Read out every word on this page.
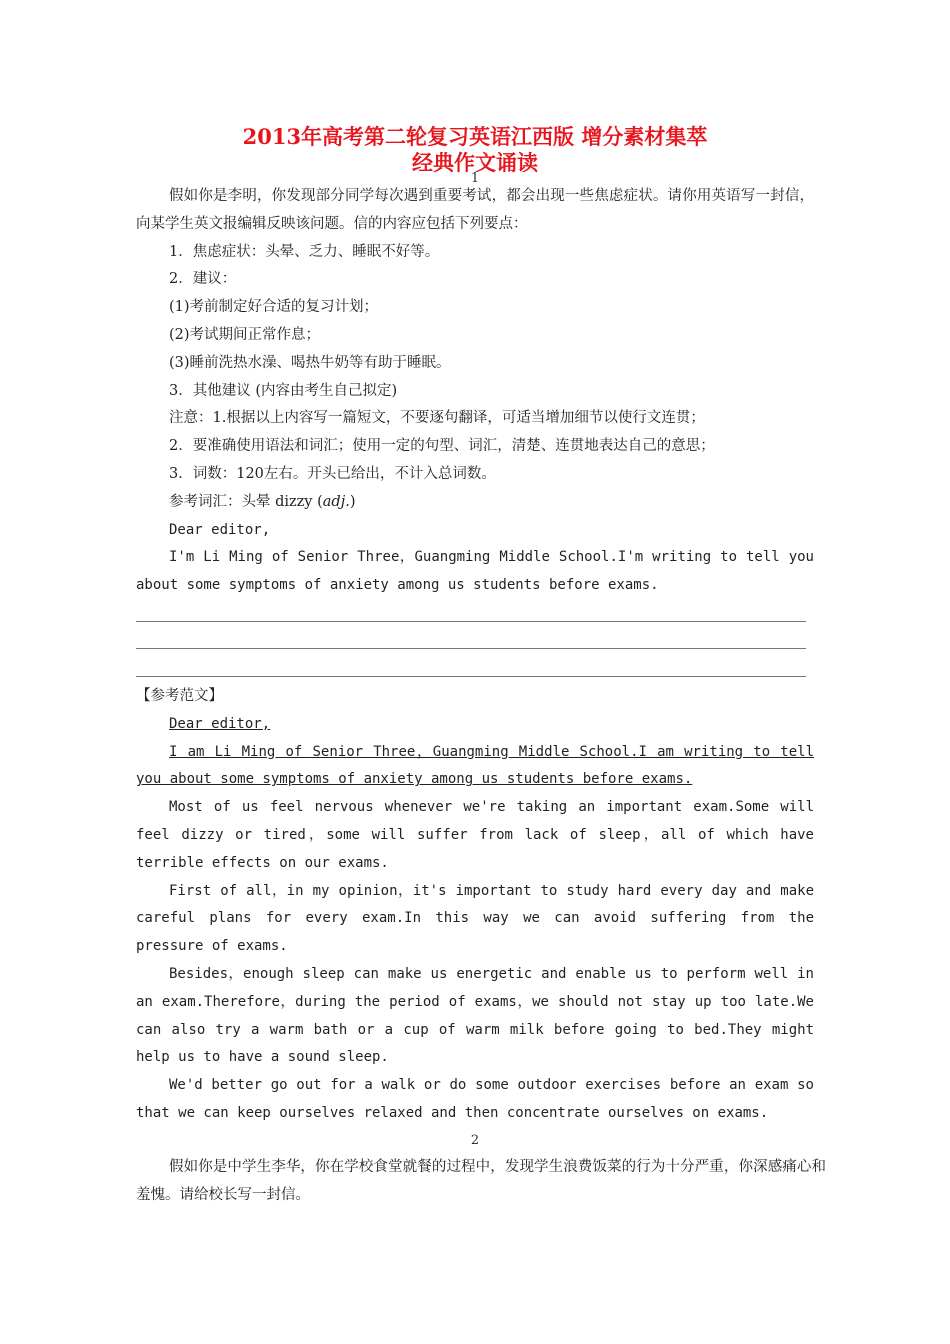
2013年高考第二轮复习英语江西版 增分素材集萃
经典作文诵读
1

假如你是李明，你发现部分同学每次遇到重要考试，都会出现一些焦虑症状。请你用英语写一封信，向某学生英文报编辑反映该问题。信的内容应包括下列要点：

1．焦虑症状：头晕、乏力、睡眠不好等。

2．建议：

(1)考前制定好合适的复习计划；

(2)考试期间正常作息；

(3)睡前洗热水澡、喝热牛奶等有助于睡眠。

3．其他建议 (内容由考生自己拟定)

注意：1.根据以上内容写一篇短文，不要逐句翻译，可适当增加细节以使行文连贯；

2．要准确使用语法和词汇；使用一定的句型、词汇，清楚、连贯地表达自己的意思；

3．词数：120左右。开头已给出，不计入总词数。

参考词汇：头晕 dizzy (adj.)

Dear editor,

I'm Li Ming of Senior Three，Guangming Middle School.I'm writing to tell you about some symptoms of anxiety among us students before exams.

【参考范文】

Dear editor,

I am Li Ming of Senior Three，Guangming Middle School.I am writing to tell you about some symptoms of anxiety among us students before exams.

Most of us feel nervous whenever we're taking an important exam.Some will feel dizzy or tired，some will suffer from lack of sleep，all of which have terrible effects on our exams.

First of all，in my opinion，it's important to study hard every day and make careful plans for every exam.In this way we can avoid suffering from the pressure of exams.

Besides，enough sleep can make us energetic and enable us to perform well in an exam.Therefore，during the period of exams，we should not stay up too late.We can also try a warm bath or a cup of warm milk before going to bed.They might help us to have a sound sleep.

We'd better go out for a walk or do some outdoor exercises before an exam so that we can keep ourselves relaxed and then concentrate ourselves on exams.

2

假如你是中学生李华，你在学校食堂就餐的过程中，发现学生浪费饭菜的行为十分严重，你深感痛心和羞愧。请给校长写一封信。
